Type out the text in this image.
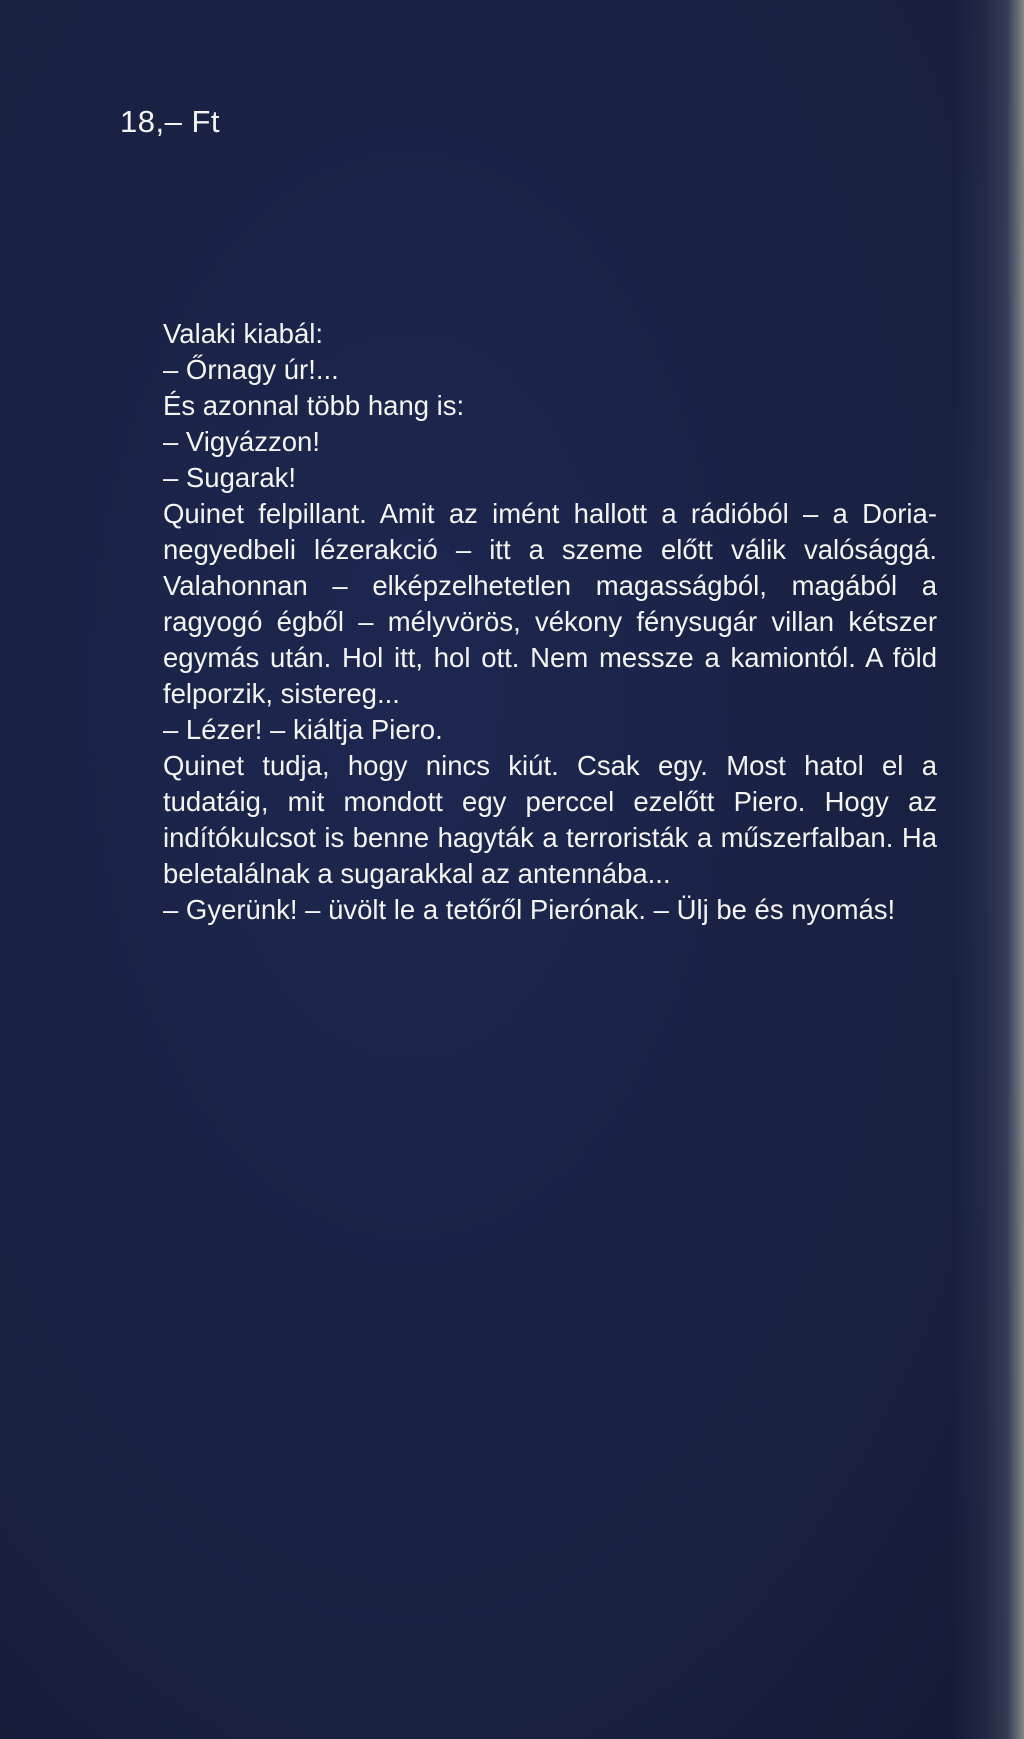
18,– Ft

Valaki kiabál:

– Őrnagy úr!...

És azonnal több hang is:

– Vigyázzon!

– Sugarak!

Quinet felpillant. Amit az imént hallott a rádióból – a Doria-negyedbeli lézerakció – itt a szeme előtt válik valósággá. Valahonnan – elképzelhetetlen magasságból, magából a ragyogó égből – mélyvörös, vékony fénysugár villan kétszer egymás után. Hol itt, hol ott. Nem messze a kamiontól. A föld felporzik, sistereg...

– Lézer! – kiáltja Piero.

Quinet tudja, hogy nincs kiút. Csak egy. Most hatol el a tudatáig, mit mondott egy perccel ezelőtt Piero. Hogy az indítókulcsot is benne hagyták a terroristák a műszerfalban. Ha beletalálnak a sugarakkal az antennába...

– Gyerünk! – üvölt le a tetőről Pierónak. – Ülj be és nyomás!
